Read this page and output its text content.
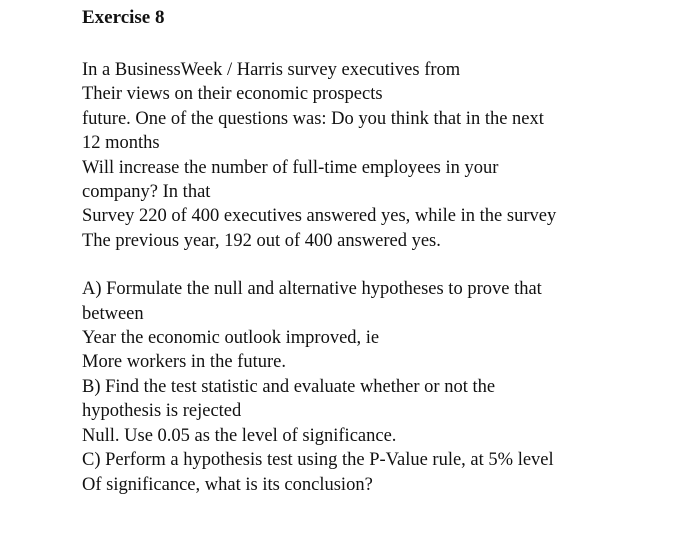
Exercise 8
In a BusinessWeek / Harris survey executives from
Their views on their economic prospects
future. One of the questions was: Do you think that in the next
12 months
Will increase the number of full-time employees in your
company? In that
Survey 220 of 400 executives answered yes, while in the survey
The previous year, 192 out of 400 answered yes.
A) Formulate the null and alternative hypotheses to prove that
between
Year the economic outlook improved, ie
More workers in the future.
B) Find the test statistic and evaluate whether or not the
hypothesis is rejected
Null. Use 0.05 as the level of significance.
C) Perform a hypothesis test using the P-Value rule, at 5% level
Of significance, what is its conclusion?
